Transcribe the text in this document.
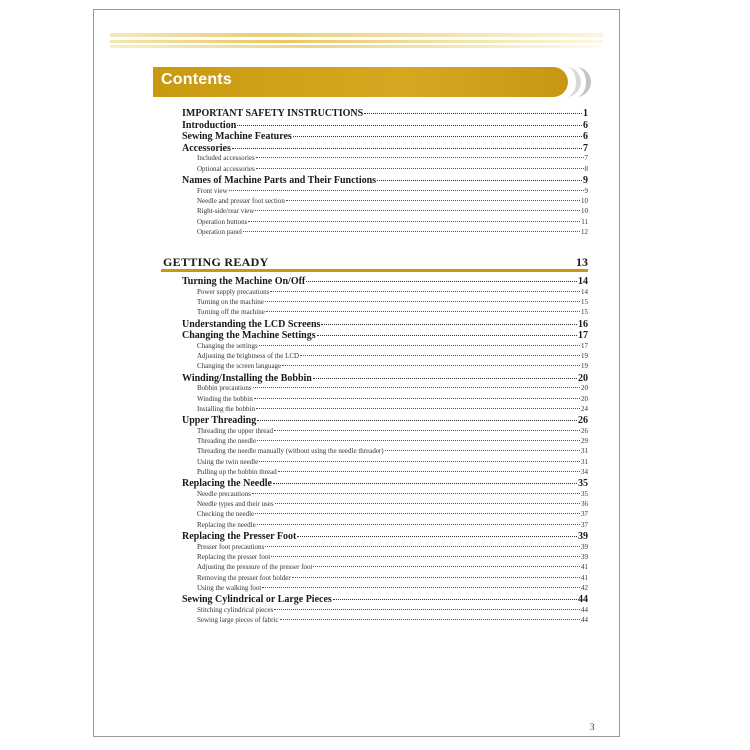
Contents
IMPORTANT SAFETY INSTRUCTIONS	1
Introduction	6
Sewing Machine Features	6
Accessories	7
Included accessories	7
Optional accessories	8
Names of Machine Parts and Their Functions	9
Front view	9
Needle and presser foot section	10
Right-side/rear view	10
Operation buttons	11
Operation panel	12
GETTING READY	13
Turning the Machine On/Off	14
Power supply precautions	14
Turning on the machine	15
Turning off the machine	15
Understanding the LCD Screens	16
Changing the Machine Settings	17
Changing the settings	17
Adjusting the brightness of the LCD	19
Changing the screen language	19
Winding/Installing the Bobbin	20
Bobbin precautions	20
Winding the bobbin	20
Installing the bobbin	24
Upper Threading	26
Threading the upper thread	26
Threading the needle	29
Threading the needle manually (without using the needle threader)	31
Using the twin needle	31
Pulling up the bobbin thread	34
Replacing the Needle	35
Needle precautions	35
Needle types and their uses	36
Checking the needle	37
Replacing the needle	37
Replacing the Presser Foot	39
Presser foot precautions	39
Replacing the presser foot	39
Adjusting the pressure of the presser foot	41
Removing the presser foot holder	41
Using the walking foot	42
Sewing Cylindrical or Large Pieces	44
Stitching cylindrical pieces	44
Sewing large pieces of fabric	44
3
